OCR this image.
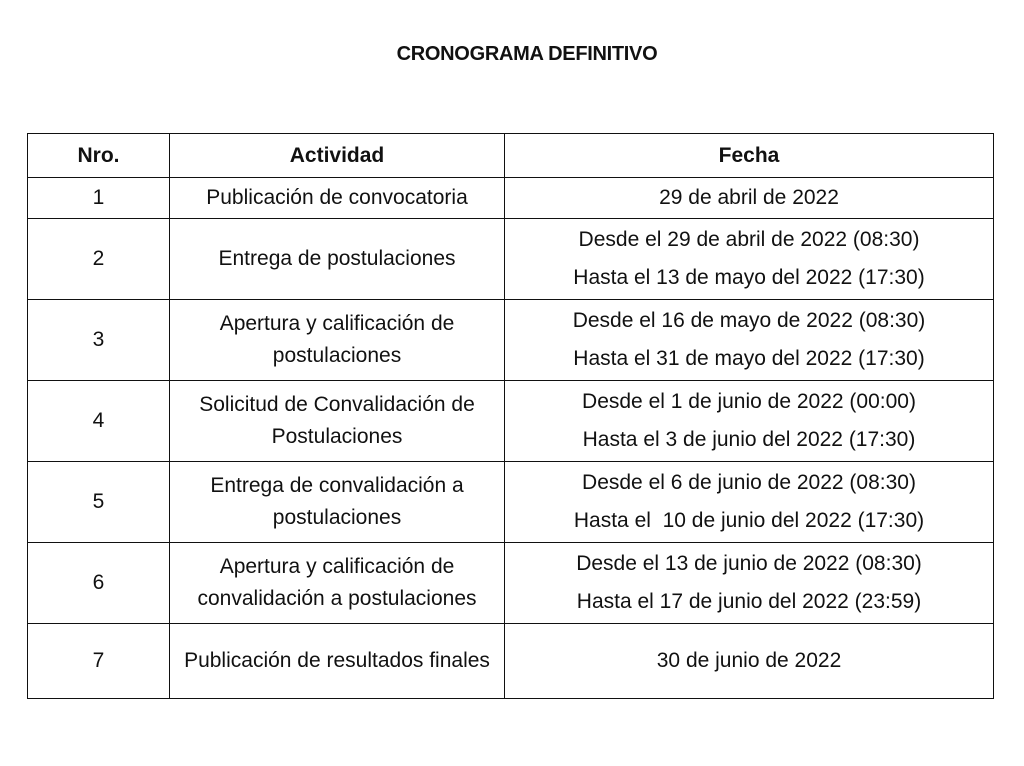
CRONOGRAMA DEFINITIVO
Nro.	Actividad	Fecha
1	Publicación de convocatoria	29 de abril de 2022

2	Entrega de postulaciones	Desde el 29 de abril de 2022 (08:30)
Hasta el 13 de mayo del 2022 (17:30)

3	Apertura y calificación de postulaciones	Desde el 16 de mayo de 2022 (08:30)
Hasta el 31 de mayo del 2022 (17:30)

4	Solicitud de Convalidación de Postulaciones	Desde el 1 de junio de 2022 (00:00)
Hasta el 3 de junio del 2022 (17:30)

5	Entrega de convalidación a postulaciones	Desde el 6 de junio de 2022 (08:30)
Hasta el  10 de junio del 2022 (17:30)

6	Apertura y calificación de convalidación a postulaciones	Desde el 13 de junio de 2022 (08:30)
Hasta el 17 de junio del 2022 (23:59)

7	Publicación de resultados finales	30 de junio de 2022
